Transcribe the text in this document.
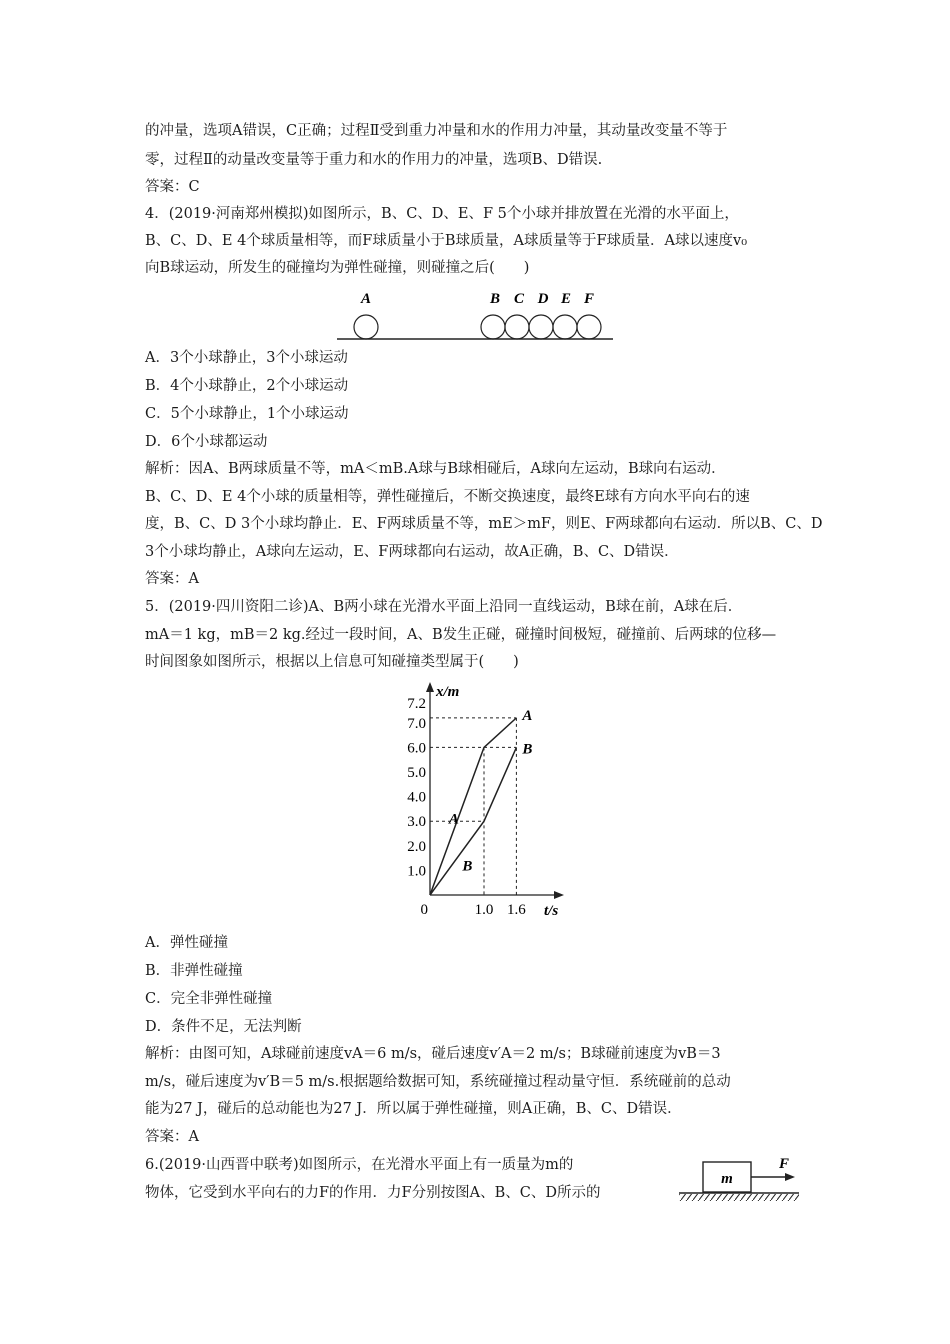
的冲量，选项A错误，C正确；过程Ⅱ受到重力冲量和水的作用力冲量，其动量改变量不等于
零，过程Ⅱ的动量改变量等于重力和水的作用力的冲量，选项B、D错误.
答案：C
4．(2019·河南郑州模拟)如图所示，B、C、D、E、F 5个小球并排放置在光滑的水平面上，
B、C、D、E 4个球质量相等，而F球质量小于B球质量，A球质量等于F球质量．A球以速度v₀
向B球运动，所发生的碰撞均为弹性碰撞，则碰撞之后(　　)
A	B C D E F
A．3个小球静止，3个小球运动
B．4个小球静止，2个小球运动
C．5个小球静止，1个小球运动
D．6个小球都运动
解析：因A、B两球质量不等，mA＜mB.A球与B球相碰后，A球向左运动，B球向右运动．
B、C、D、E 4个小球的质量相等，弹性碰撞后，不断交换速度，最终E球有方向水平向右的速
度，B、C、D 3个小球均静止．E、F两球质量不等，mE＞mF，则E、F两球都向右运动．所以B、C、D
3个小球均静止，A球向左运动，E、F两球都向右运动，故A正确，B、C、D错误．
答案：A
5．(2019·四川资阳二诊)A、B两小球在光滑水平面上沿同一直线运动，B球在前，A球在后．
mA＝1 kg，mB＝2 kg.经过一段时间，A、B发生正碰，碰撞时间极短，碰撞前、后两球的位移—
时间图象如图所示，根据以上信息可知碰撞类型属于(　　)
x/m
t/s
1.0
2.0
3.0
4.0
5.0
6.0
7.0
7.2
0	1.0 1.6
A
B
A
B
A．弹性碰撞
B．非弹性碰撞
C．完全非弹性碰撞
D．条件不足，无法判断
解析：由图可知，A球碰前速度vA＝6 m/s，碰后速度v′A＝2 m/s；B球碰前速度为vB＝3
m/s，碰后速度为v′B＝5 m/s.根据题给数据可知，系统碰撞过程动量守恒．系统碰前的总动
能为27 J，碰后的总动能也为27 J．所以属于弹性碰撞，则A正确，B、C、D错误．
答案：A
6.(2019·山西晋中联考)如图所示，在光滑水平面上有一质量为m的
物体，它受到水平向右的力F的作用．力F分别按图A、B、C、D所示的
m
F
